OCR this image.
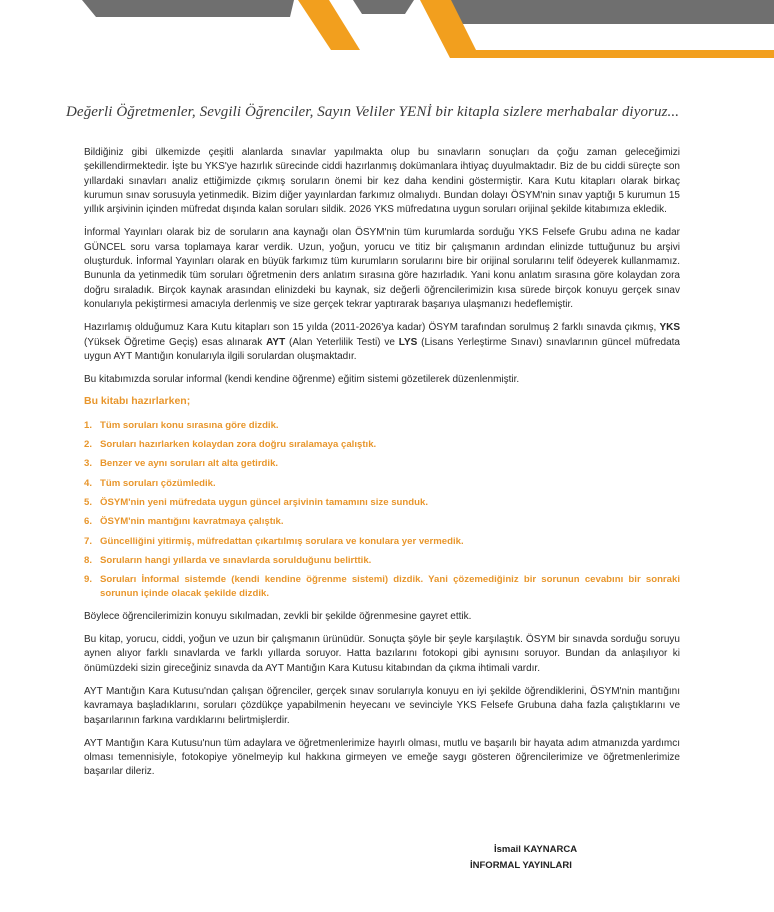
Değerli Öğretmenler, Sevgili Öğrenciler, Sayın Veliler YENİ bir kitapla sizlere merhabalar diyoruz...

Bildiğiniz gibi ülkemizde çeşitli alanlarda sınavlar yapılmakta olup bu sınavların sonuçları da çoğu zaman geleceğimizi şekillendirmektedir. İşte bu YKS'ye hazırlık sürecinde ciddi hazırlanmış dokümanlara ihtiyaç duyulmaktadır. Biz de bu ciddi süreçte son yıllardaki sınavları analiz ettiğimizde çıkmış soruların önemi bir kez daha kendini göstermiştir. Kara Kutu kitapları olarak birkaç kurumun sınav sorusuyla yetinmedik. Bizim diğer yayınlardan farkımız olmalıydı. Bundan dolayı ÖSYM'nin sınav yaptığı 5 kurumun 15 yıllık arşivinin içinden müfredat dışında kalan soruları sildik. 2026 YKS müfredatına uygun soruları orijinal şekilde kitabımıza ekledik.

İnformal Yayınları olarak biz de soruların ana kaynağı olan ÖSYM'nin tüm kurumlarda sorduğu YKS Felsefe Grubu adına ne kadar GÜNCEL soru varsa toplamaya karar verdik. Uzun, yoğun, yorucu ve titiz bir çalışmanın ardından elinizde tuttuğunuz bu arşivi oluşturduk. İnformal Yayınları olarak en büyük farkımız tüm kurumların sorularını bire bir orijinal sorularını telif ödeyerek kullanmamız. Bununla da yetinmedik tüm soruları öğretmenin ders anlatım sırasına göre hazırladık. Yani konu anlatım sırasına göre kolaydan zora doğru sıraladık. Birçok kaynak arasından elinizdeki bu kaynak, siz değerli öğrencilerimizin kısa sürede birçok konuyu gerçek sınav konularıyla pekiştirmesi amacıyla derlenmiş ve size gerçek tekrar yaptırarak başarıya ulaşmanızı hedeflemiştir.

Hazırlamış olduğumuz Kara Kutu kitapları son 15 yılda (2011-2026'ya kadar) ÖSYM tarafından sorulmuş 2 farklı sınavda çıkmış, YKS (Yüksek Öğretime Geçiş) esas alınarak AYT (Alan Yeterlilik Testi) ve LYS (Lisans Yerleştirme Sınavı) sınavlarının güncel müfredata uygun AYT Mantığın konularıyla ilgili sorulardan oluşmaktadır.

Bu kitabımızda sorular informal (kendi kendine öğrenme) eğitim sistemi gözetilerek düzenlenmiştir.

Bu kitabı hazırlarken;
1. Tüm soruları konu sırasına göre dizdik.
2. Soruları hazırlarken kolaydan zora doğru sıralamaya çalıştık.
3. Benzer ve aynı soruları alt alta getirdik.
4. Tüm soruları çözümledik.
5. ÖSYM'nin yeni müfredata uygun güncel arşivinin tamamını size sunduk.
6. ÖSYM'nin mantığını kavratmaya çalıştık.
7. Güncelliğini yitirmiş, müfredattan çıkartılmış sorulara ve konulara yer vermedik.
8. Soruların hangi yıllarda ve sınavlarda sorulduğunu belirttik.
9. Soruları İnformal sistemde (kendi kendine öğrenme sistemi) dizdik. Yani çözemediğiniz bir sorunun cevabını bir sonraki sorunun içinde olacak şekilde dizdik.

Böylece öğrencilerimizin konuyu sıkılmadan, zevkli bir şekilde öğrenmesine gayret ettik.

Bu kitap, yorucu, ciddi, yoğun ve uzun bir çalışmanın ürünüdür. Sonuçta şöyle bir şeyle karşılaştık. ÖSYM bir sınavda sorduğu soruyu aynen alıyor farklı sınavlarda ve farklı yıllarda soruyor. Hatta bazılarını fotokopi gibi aynısını soruyor. Bundan da anlaşılıyor ki önümüzdeki sizin gireceğiniz sınavda da AYT Mantığın Kara Kutusu kitabından da çıkma ihtimali vardır.

AYT Mantığın Kara Kutusu'ndan çalışan öğrenciler, gerçek sınav sorularıyla konuyu en iyi şekilde öğrendiklerini, ÖSYM'nin mantığını kavramaya başladıklarını, soruları çözdükçe yapabilmenin heyecanı ve sevinciyle YKS Felsefe Grubuna daha fazla çalıştıklarını ve başarılarının farkına vardıklarını belirtmişlerdir.

AYT Mantığın Kara Kutusu'nun tüm adaylara ve öğretmenlerimize hayırlı olması, mutlu ve başarılı bir hayata adım atmanızda yardımcı olması temennisiyle, fotokopiye yönelmeyip kul hakkına girmeyen ve emeğe saygı gösteren öğrencilerimize ve öğretmenlerimize başarılar dileriz.

İsmail KAYNARCA
İNFORMAL YAYINLARI
